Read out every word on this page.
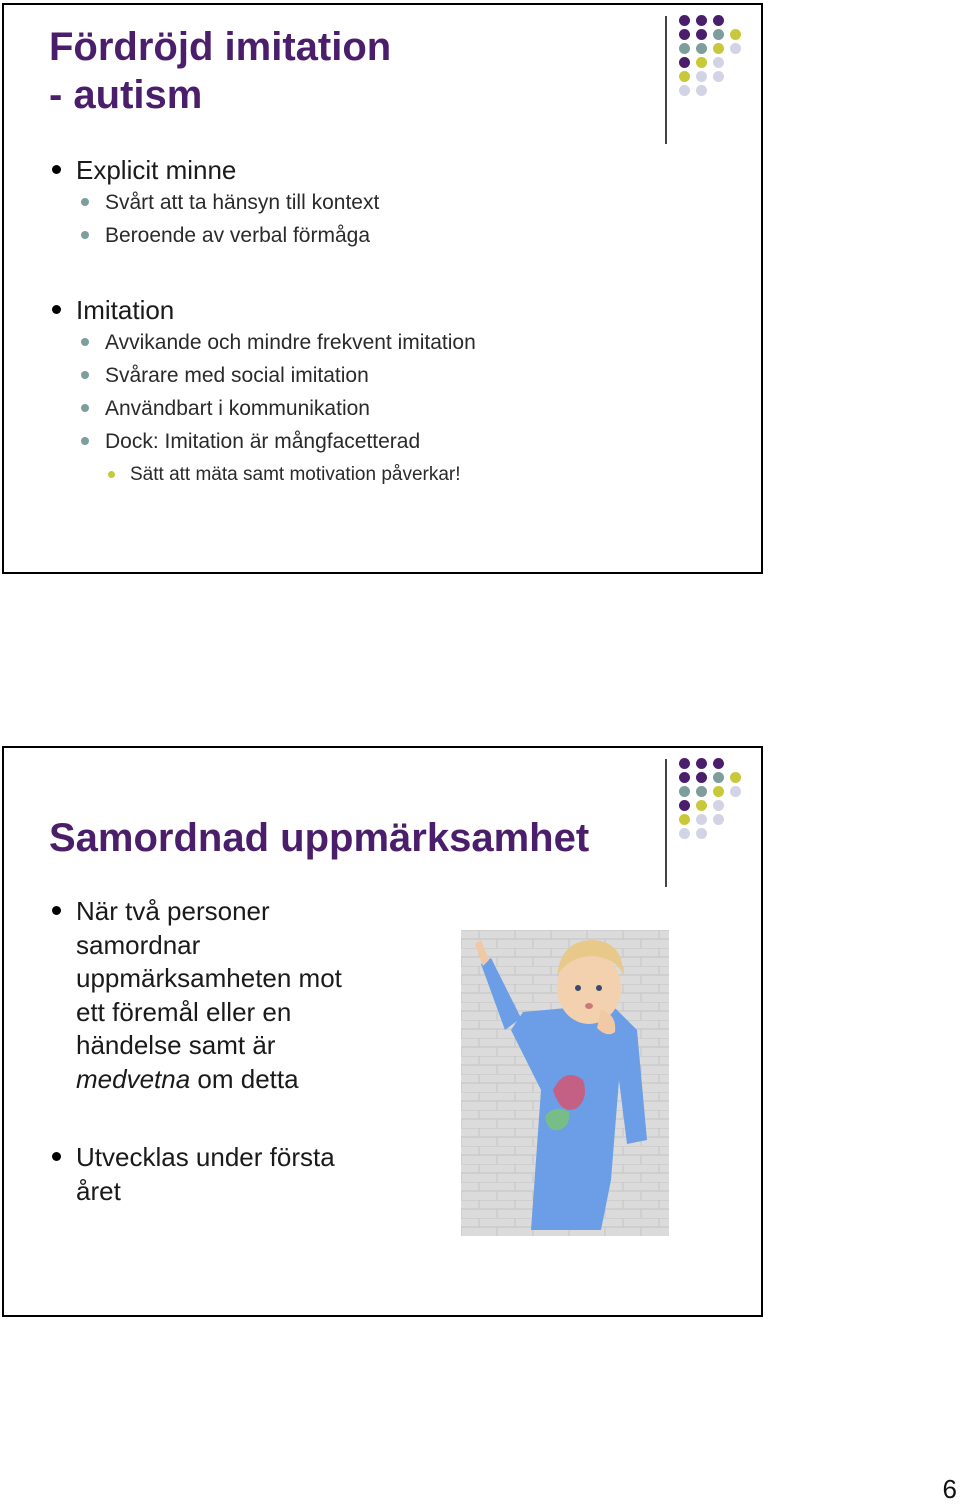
Fördröjd imitation
- autism
Explicit minne
Svårt att ta hänsyn till kontext
Beroende av verbal förmåga
Imitation
Avvikande och mindre frekvent imitation
Svårare med social imitation
Användbart i kommunikation
Dock: Imitation är mångfacetterad
Sätt att mäta samt motivation påverkar!
Samordnad uppmärksamhet
När två personer
samordnar
uppmärksamheten mot
ett föremål eller en
händelse samt är
medvetna om detta
Utvecklas under första
året
6
